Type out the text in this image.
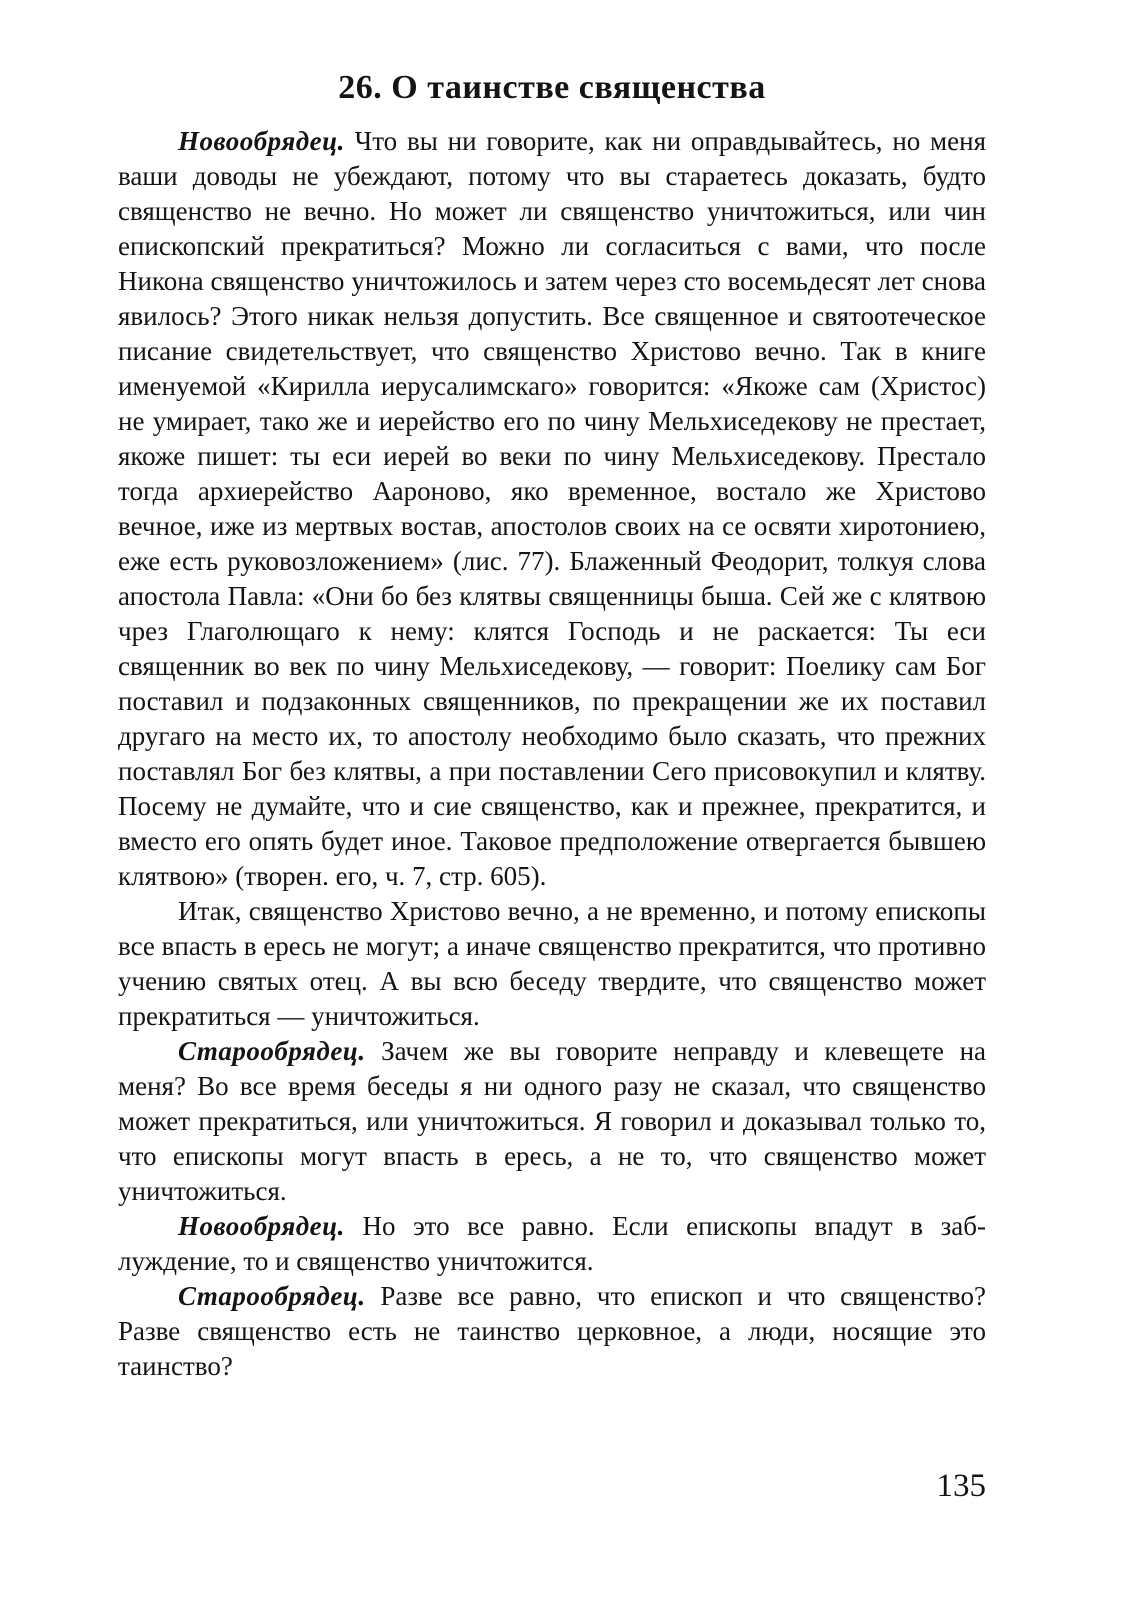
26. О таинстве священства

Новообрядец. Что вы ни говорите, как ни оправдывайтесь, но меня ваши доводы не убеждают, потому что вы стараетесь доказать, будто священство не вечно. Но может ли священство уничтожиться, или чин епископский прекратиться? Можно ли согласиться с вами, что после Никона священство уничтожилось и затем через сто восемьдесят лет снова явилось? Этого никак нельзя допустить. Все священное и святоотеческое писание свидетельствует, что священство Христово вечно. Так в книге именуемой «Кирилла иерусалимскаго» говорится: «Якоже сам (Христос) не умирает, тако же и иерейство его по чину Мельхиседекову не престает, якоже пишет: ты еси иерей во веки по чину Мельхиседекову. Престало тогда архиерейство Аароново, яко временное, востало же Христово вечное, иже из мертвых востав, апостолов своих на се освяти хиротониею, еже есть руковозложением» (лис. 77). Блаженный Феодорит, толкуя слова апостола Павла: «Они бо без клятвы священницы быша. Сей же с клятвою чрез Глаголющаго к нему: клятся Господь и не раскается: Ты еси священник во век по чину Мельхиседекову, — говорит: Поелику сам Бог поставил и подзаконных священников, по прекращении же их поставил другаго на место их, то апостолу необходимо было сказать, что прежних поставлял Бог без клятвы, а при поставлении Сего присовокупил и клятву. Посему не думайте, что и сие священство, как и прежнее, прекратится, и вместо его опять будет иное. Таковое предположение отвергается бывшею клятвою» (творен. его, ч. 7, стр. 605).

Итак, священство Христово вечно, а не временно, и потому епископы все впасть в ересь не могут; а иначе священство прекратится, что противно учению святых отец. А вы всю беседу твердите, что священство может прекратиться — уничтожиться.

Старообрядец. Зачем же вы говорите неправду и клевещете на меня? Во все время беседы я ни одного разу не сказал, что священство может прекратиться, или уничтожиться. Я говорил и доказывал только то, что епископы могут впасть в ересь, а не то, что священство может уничтожиться.

Новообрядец. Но это все равно. Если епископы впадут в заблуждение, то и священство уничтожится.

Старообрядец. Разве все равно, что епископ и что священство? Разве священство есть не таинство церковное, а люди, носящие это таинство?

135
